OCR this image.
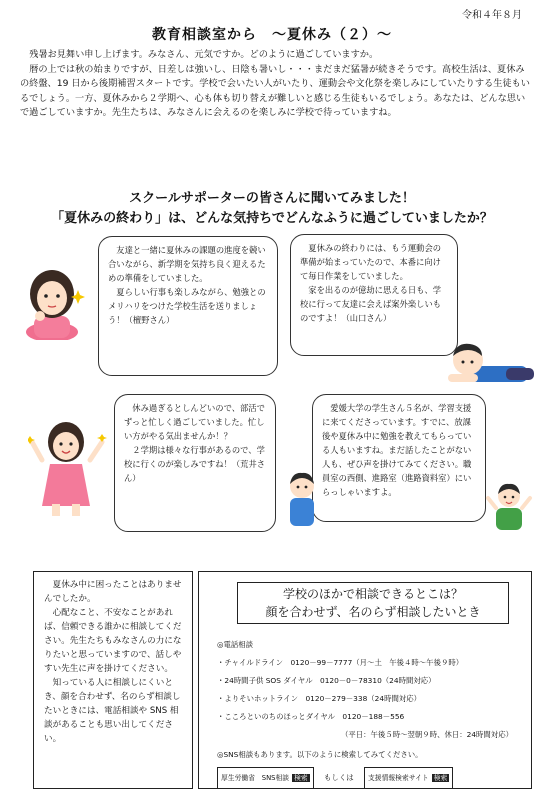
令和４年８月
教育相談室から　～夏休み（２）～

残暑お見舞い申し上げます。みなさん、元気ですか。どのように過ごしていますか。

暦の上では秋の始まりですが、日差しは強いし、日陰も暑いし・・・まだまだ猛暑が続きそうです。高校生活は、夏休みの終盤、19 日から後期補習スタートです。学校で会いたい人がいたり、運動会や文化祭を楽しみにしていたりする生徒もいるでしょう。一方、夏休みから２学期へ、心も体も切り替えが難しいと感じる生徒もいるでしょう。あなたは、どんな思いで過ごしていますか。先生たちは、みなさんに会えるのを楽しみに学校で待っていますね。

スクールサポーターの皆さんに聞いてみました！
「夏休みの終わり」は、どんな気持ちでどんなふうに過ごしていましたか？

友達と一緒に夏休みの課題の進度を競い合いながら、新学期を気持ち良く迎えるための準備をしていました。

夏らしい行事も楽しみながら、勉強とのメリハリをつけた学校生活を送りましょう！（檀野さん）

夏休みの終わりには、もう運動会の準備が始まっていたので、本番に向けて毎日作業をしていました。

家を出るのが億劫に思える日も、学校に行って友達に会えば案外楽しいものですよ！（山口さん）

休み過ぎるとしんどいので、部活でずっと忙しく過ごしていました。忙しい方がやる気出ませんか！？

２学期は様々な行事があるので、学校に行くのが楽しみですね！（荒井さん）

愛媛大学の学生さん５名が、学習支援に来てくださっています。すでに、放課後や夏休み中に勉強を教えてもらっている人もいますね。まだ話したことがない人も、ぜひ声を掛けてみてください。職員室の西側、進路室（進路資料室）にいらっしゃいますよ。

夏休み中に困ったことはありませんでしたか。

心配なこと、不安なことがあれば、信頼できる誰かに相談してください。先生たちもみなさんの力になりたいと思っていますので、話しやすい先生に声を掛けてください。

知っている人に相談しにくいとき、顔を合わせず、名のらず相談したいときには、電話相談や SNS 相談があることも思い出してください。

学校のほかで相談できるとこは？
顔を合わせず、名のらず相談したいとき
◎電話相談
・チャイルドライン　0120－99－7777（月～土　午後４時～午後９時）
・24時間子供 SOS ダイヤル　0120－0－78310（24時間対応）
・よりそいホットライン　0120－279－338（24時間対応）
・こころといのちのほっとダイヤル　0120－188－556
（平日：午後５時～翌朝９時、休日：24時間対応）
◎SNS相談もあります。以下のように検索してみてください。
厚生労働省　SNS相談 検索 もしくは 支援情報検索サイト 検索
